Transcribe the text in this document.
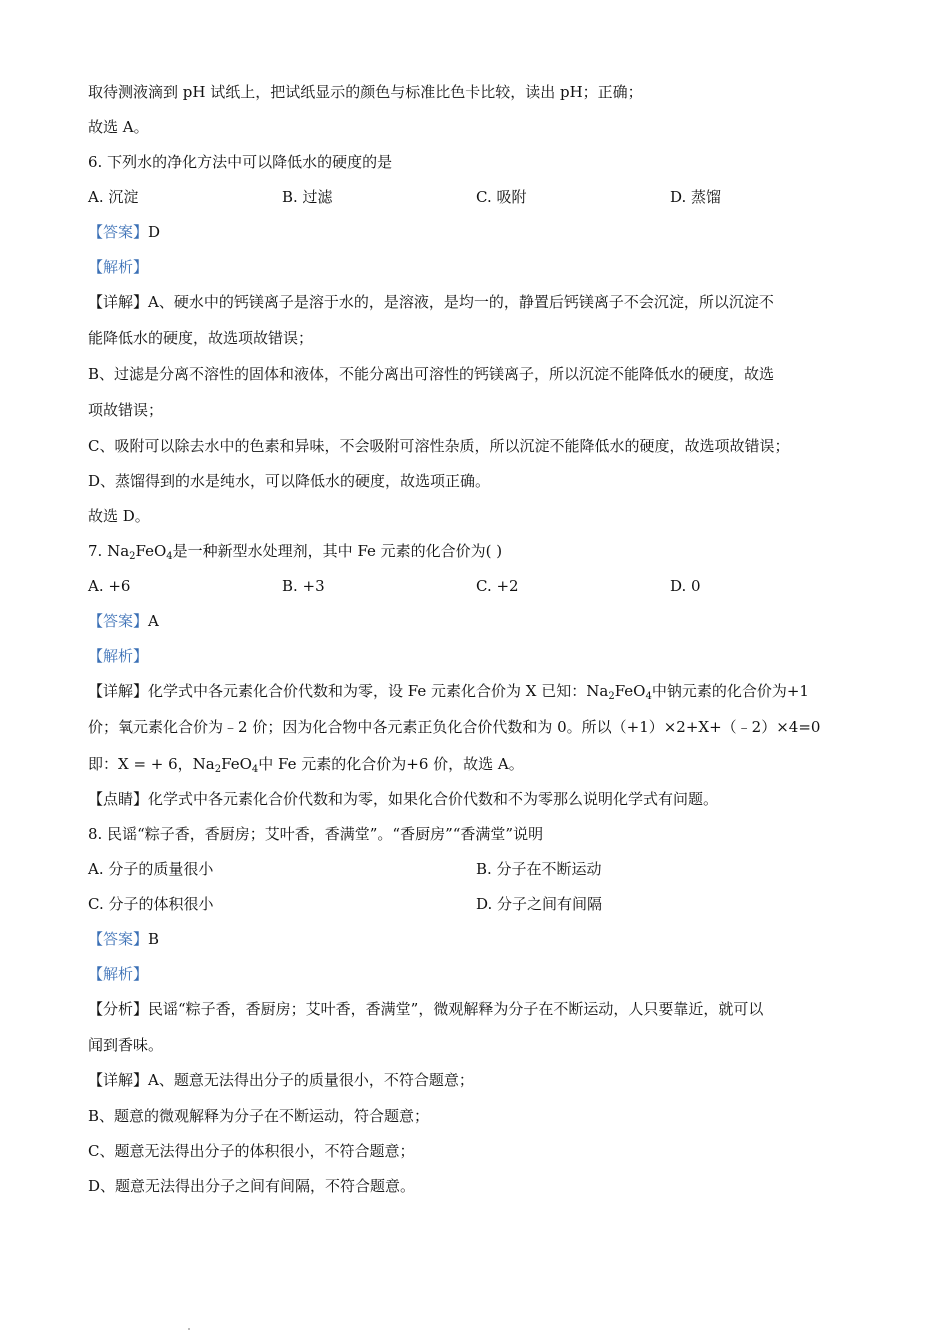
取待测液滴到 pH 试纸上，把试纸显示的颜色与标准比色卡比较，读出 pH；正确；
故选 A。
6. 下列水的净化方法中可以降低水的硬度的是
A. 沉淀	B. 过滤	C. 吸附	D. 蒸馏
【答案】D
【解析】
【详解】A、硬水中的钙镁离子是溶于水的，是溶液，是均一的，静置后钙镁离子不会沉淀，所以沉淀不
能降低水的硬度，故选项故错误；
B、过滤是分离不溶性的固体和液体，不能分离出可溶性的钙镁离子，所以沉淀不能降低水的硬度，故选
项故错误；
C、吸附可以除去水中的色素和异味，不会吸附可溶性杂质，所以沉淀不能降低水的硬度，故选项故错误；
D、蒸馏得到的水是纯水，可以降低水的硬度，故选项正确。
故选 D。
7. $Na_2FeO_4$是一种新型水处理剂，其中 Fe 元素的化合价为( )
A. +6	B. +3	C. +2	D. 0
【答案】A
【解析】
【详解】化学式中各元素化合价代数和为零，设 Fe 元素化合价为 X 已知：$Na_2FeO_4$中钠元素的化合价为+1
价；氧元素化合价为﹣2 价；因为化合物中各元素正负化合价代数和为 0。所以（+1）×2+X+（﹣2）×4=0
即：X = + 6，$Na_2FeO_4$中 Fe 元素的化合价为+6 价，故选 A。
【点睛】化学式中各元素化合价代数和为零，如果化合价代数和不为零那么说明化学式有问题。
8. 民谣“粽子香，香厨房；艾叶香，香满堂”。“香厨房”“香满堂”说明
A. 分子的质量很小	B. 分子在不断运动
C. 分子的体积很小	D. 分子之间有间隔
【答案】B
【解析】
【分析】民谣“粽子香，香厨房；艾叶香，香满堂”，微观解释为分子在不断运动，人只要靠近，就可以
闻到香味。
【详解】A、题意无法得出分子的质量很小，不符合题意；
B、题意的微观解释为分子在不断运动，符合题意；
C、题意无法得出分子的体积很小，不符合题意；
D、题意无法得出分子之间有间隔，不符合题意。
